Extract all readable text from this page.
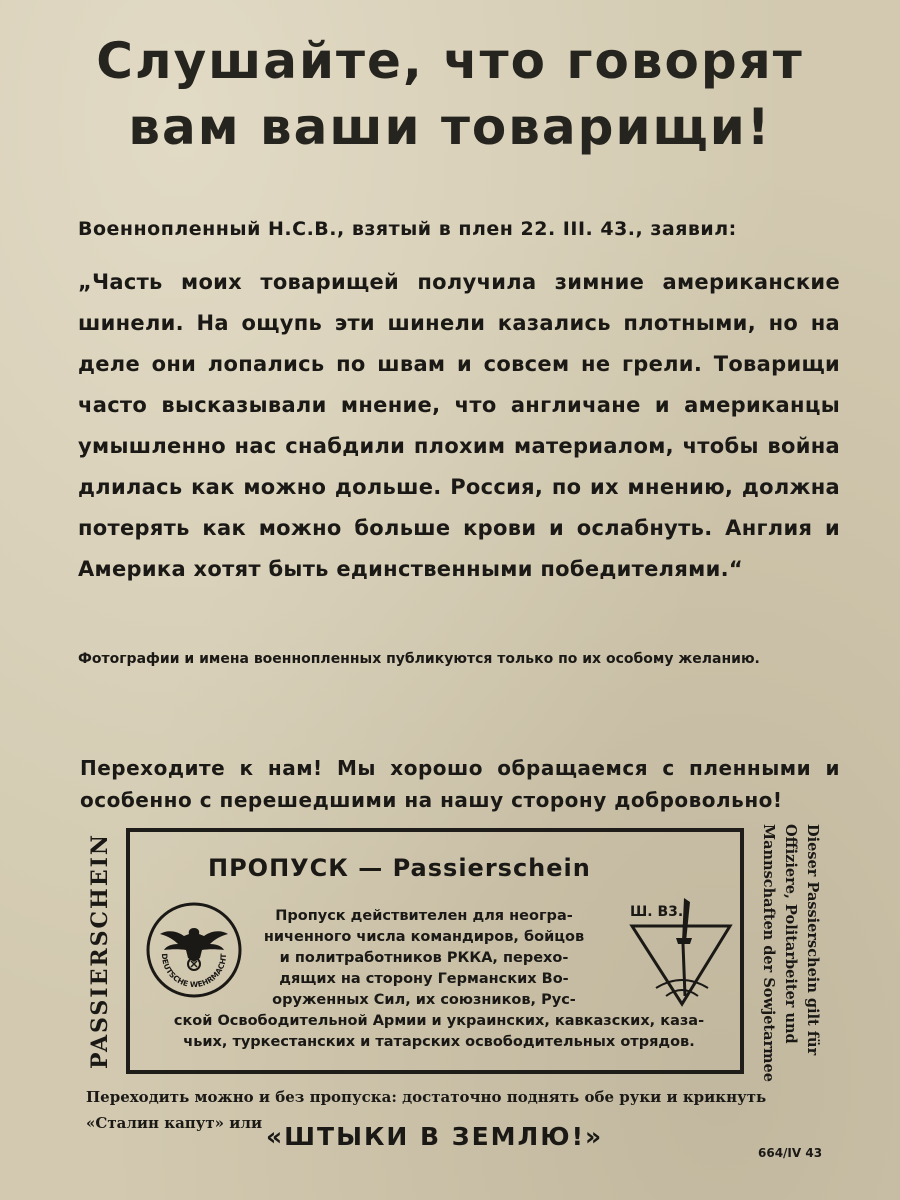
Слушайте, что говорят
вам ваши товарищи!
Военнопленный Н.С.В., взятый в плен 22. III. 43., заявил:
„Часть моих товарищей получила зимние американские шинели. На ощупь эти шинели казались плотными, но на деле они лопались по швам и совсем не грели. Товарищи часто высказывали мнение, что англичане и американцы умышленно нас снабдили плохим материалом, чтобы война длилась как можно дольше. Россия, по их мнению, должна потерять как можно больше крови и ослабнуть. Англия и Америка хотят быть единственными победителями.“
Фотографии и имена военнопленных публикуются только по их особому желанию.
Переходите к нам! Мы хорошо обращаемся с пленными и особенно с перешедшими на нашу сторону добровольно!
PASSIERSCHEIN	DEUTSCHE WEHRMACHT
ПРОПУСК — Passierschein
Пропуск действителен для неогра-
ниченного числа командиров, бойцов
и политработников РККА, перехо-
дящих на сторону Германских Во-
оруженных Сил, их союзников, Рус-
ской Освободительной Армии и украинских, кавказских, каза-
чьих, туркестанских и татарских освободительных отрядов.
Ш. В3.	Dieser Passierschein gilt für
Offiziere, Politarbeiter und
Mannschaften der Sowjetarmee
Переходить можно и без пропуска: достаточно поднять обе руки и крикнуть
«Сталин капут» или «ШТЫКИ В ЗЕМЛЮ!»
664/IV 43
